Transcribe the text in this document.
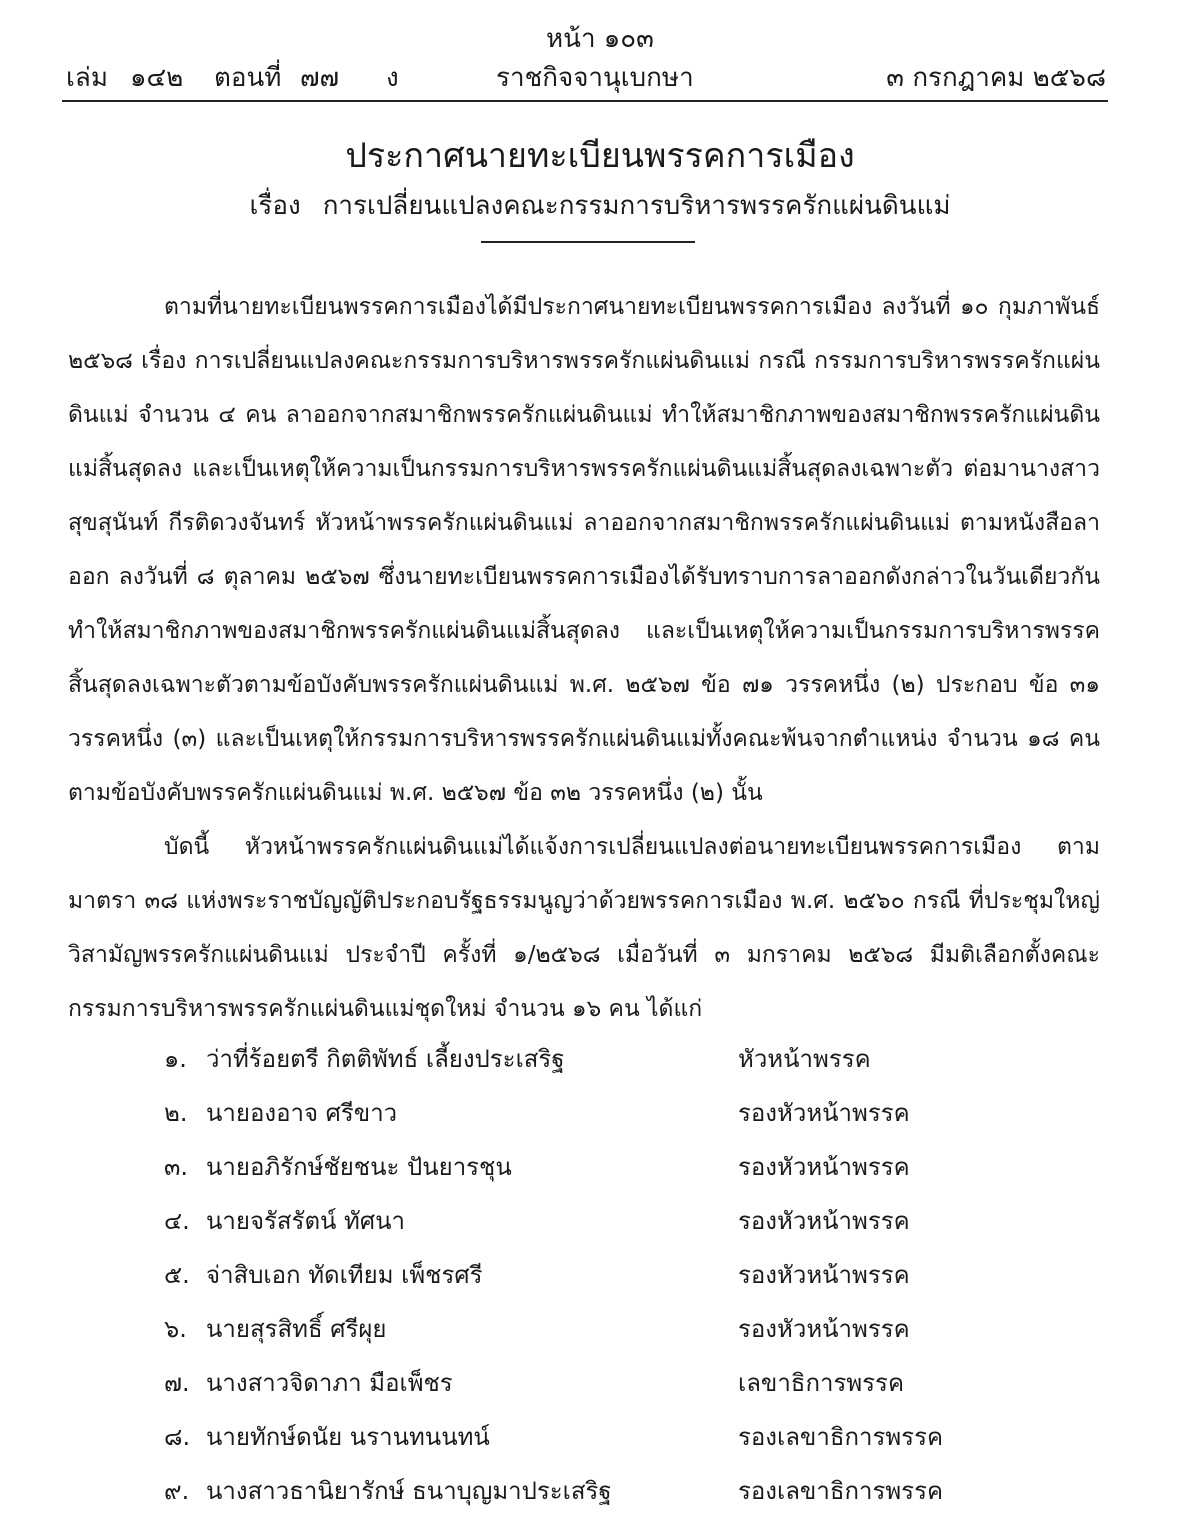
หน้า ๑๐๓
เล่ม ๑๔๒ ตอนที่ ๗๗ ง	ราชกิจจานุเบกษา	๓ กรกฎาคม ๒๕๖๘
ประกาศนายทะเบียนพรรคการเมือง
เรื่อง การเปลี่ยนแปลงคณะกรรมการบริหารพรรครักแผ่นดินแม่

ตามที่นายทะเบียนพรรคการเมืองได้มีประกาศนายทะเบียนพรรคการเมือง ลงวันที่ ๑๐ กุมภาพันธ์ ๒๕๖๘ เรื่อง การเปลี่ยนแปลงคณะกรรมการบริหารพรรครักแผ่นดินแม่ กรณี กรรมการบริหารพรรครักแผ่นดินแม่ จำนวน ๔ คน ลาออกจากสมาชิกพรรครักแผ่นดินแม่ ทำให้สมาชิกภาพของสมาชิกพรรครักแผ่นดินแม่สิ้นสุดลง และเป็นเหตุให้ความเป็นกรรมการบริหารพรรครักแผ่นดินแม่สิ้นสุดลงเฉพาะตัว ต่อมานางสาวสุขสุนันท์ กีรติดวงจันทร์ หัวหน้าพรรครักแผ่นดินแม่ ลาออกจากสมาชิกพรรครักแผ่นดินแม่ ตามหนังสือลาออก ลงวันที่ ๘ ตุลาคม ๒๕๖๗ ซึ่งนายทะเบียนพรรคการเมืองได้รับทราบการลาออกดังกล่าวในวันเดียวกัน ทำให้สมาชิกภาพของสมาชิกพรรครักแผ่นดินแม่สิ้นสุดลง และเป็นเหตุให้ความเป็นกรรมการบริหารพรรค สิ้นสุดลงเฉพาะตัวตามข้อบังคับพรรครักแผ่นดินแม่ พ.ศ. ๒๕๖๗ ข้อ ๗๑ วรรคหนึ่ง (๒) ประกอบ ข้อ ๓๑ วรรคหนึ่ง (๓) และเป็นเหตุให้กรรมการบริหารพรรครักแผ่นดินแม่ทั้งคณะพ้นจากตำแหน่ง จำนวน ๑๘ คน ตามข้อบังคับพรรครักแผ่นดินแม่ พ.ศ. ๒๕๖๗ ข้อ ๓๒ วรรคหนึ่ง (๒) นั้น

บัดนี้ หัวหน้าพรรครักแผ่นดินแม่ได้แจ้งการเปลี่ยนแปลงต่อนายทะเบียนพรรคการเมือง ตามมาตรา ๓๘ แห่งพระราชบัญญัติประกอบรัฐธรรมนูญว่าด้วยพรรคการเมือง พ.ศ. ๒๕๖๐ กรณี ที่ประชุมใหญ่วิสามัญพรรครักแผ่นดินแม่ ประจำปี ครั้งที่ ๑/๒๕๖๘ เมื่อวันที่ ๓ มกราคม ๒๕๖๘ มีมติเลือกตั้งคณะกรรมการบริหารพรรครักแผ่นดินแม่ชุดใหม่ จำนวน ๑๖ คน ได้แก่

๑. ว่าที่ร้อยตรี กิตติพัทธ์ เลี้ยงประเสริฐ	หัวหน้าพรรค
๒. นายองอาจ ศรีขาว	รองหัวหน้าพรรค
๓. นายอภิรักษ์ชัยชนะ ปันยารชุน	รองหัวหน้าพรรค
๔. นายจรัสรัตน์ ทัศนา	รองหัวหน้าพรรค
๕. จ่าสิบเอก ทัดเทียม เพ็ชรศรี	รองหัวหน้าพรรค
๖. นายสุรสิทธิ์ ศรีผุย	รองหัวหน้าพรรค
๗. นางสาวจิดาภา มือเพ็ชร	เลขาธิการพรรค
๘. นายทักษ์ดนัย นรานทนนทน์	รองเลขาธิการพรรค
๙. นางสาวธานิยารักษ์ ธนาบุญมาประเสริฐ	รองเลขาธิการพรรค
